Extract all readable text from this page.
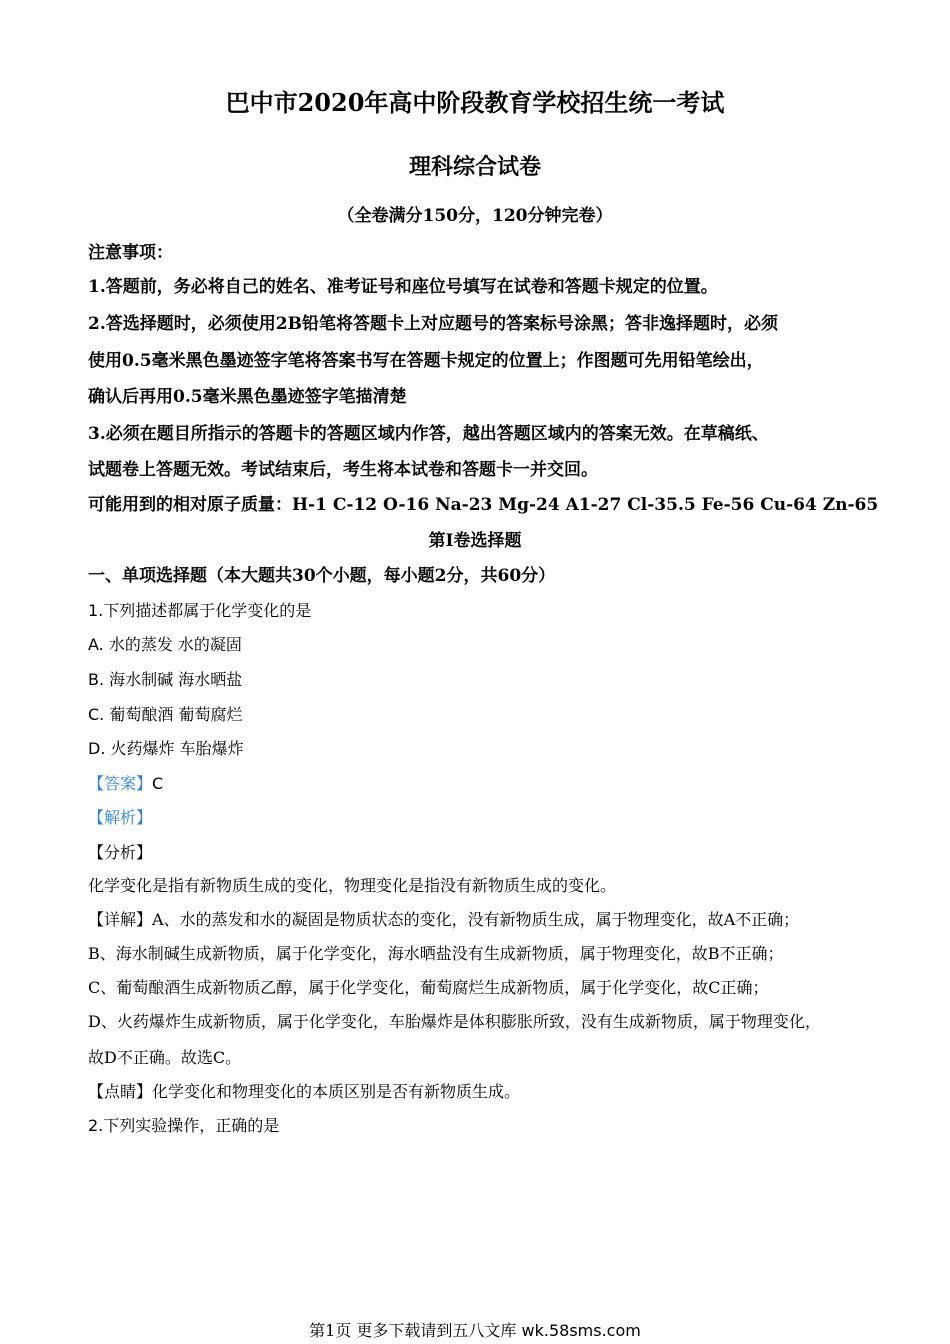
巴中市2020年高中阶段教育学校招生统一考试
理科综合试卷
（全卷满分150分，120分钟完卷）
注意事项：
1.答题前，务必将自己的姓名、准考证号和座位号填写在试卷和答题卡规定的位置。
2.答选择题时，必须使用2B铅笔将答题卡上对应题号的答案标号涂黑；答非逸择题时，必须
使用0.5毫米黑色墨迹签字笔将答案书写在答题卡规定的位置上；作图题可先用铅笔绘出，
确认后再用0.5毫米黑色墨迹签字笔描清楚
3.必须在题目所指示的答题卡的答题区域内作答，越出答题区域内的答案无效。在草稿纸、
试题卷上答题无效。考试结束后，考生将本试卷和答题卡一并交回。
可能用到的相对原子质量：H-1 C-12 O-16 Na-23 Mg-24 A1-27 Cl-35.5 Fe-56 Cu-64 Zn-65
第Ⅰ卷选择题
一、单项选择题（本大题共30个小题，每小题2分，共60分）
1.下列描述都属于化学变化的是
A. 水的蒸发 水的凝固
B. 海水制碱 海水晒盐
C. 葡萄酿酒 葡萄腐烂
D. 火药爆炸 车胎爆炸
【答案】C
【解析】
【分析】
化学变化是指有新物质生成的变化，物理变化是指没有新物质生成的变化。
【详解】A、水的蒸发和水的凝固是物质状态的变化，没有新物质生成，属于物理变化，故A不正确；
B、海水制碱生成新物质，属于化学变化，海水晒盐没有生成新物质，属于物理变化，故B不正确；
C、葡萄酿酒生成新物质乙醇，属于化学变化，葡萄腐烂生成新物质，属于化学变化，故C正确；
D、火药爆炸生成新物质，属于化学变化，车胎爆炸是体积膨胀所致，没有生成新物质，属于物理变化，
故D不正确。故选C。
【点睛】化学变化和物理变化的本质区别是否有新物质生成。
2.下列实验操作，正确的是
第1页 更多下载请到五八文库 wk.58sms.com
